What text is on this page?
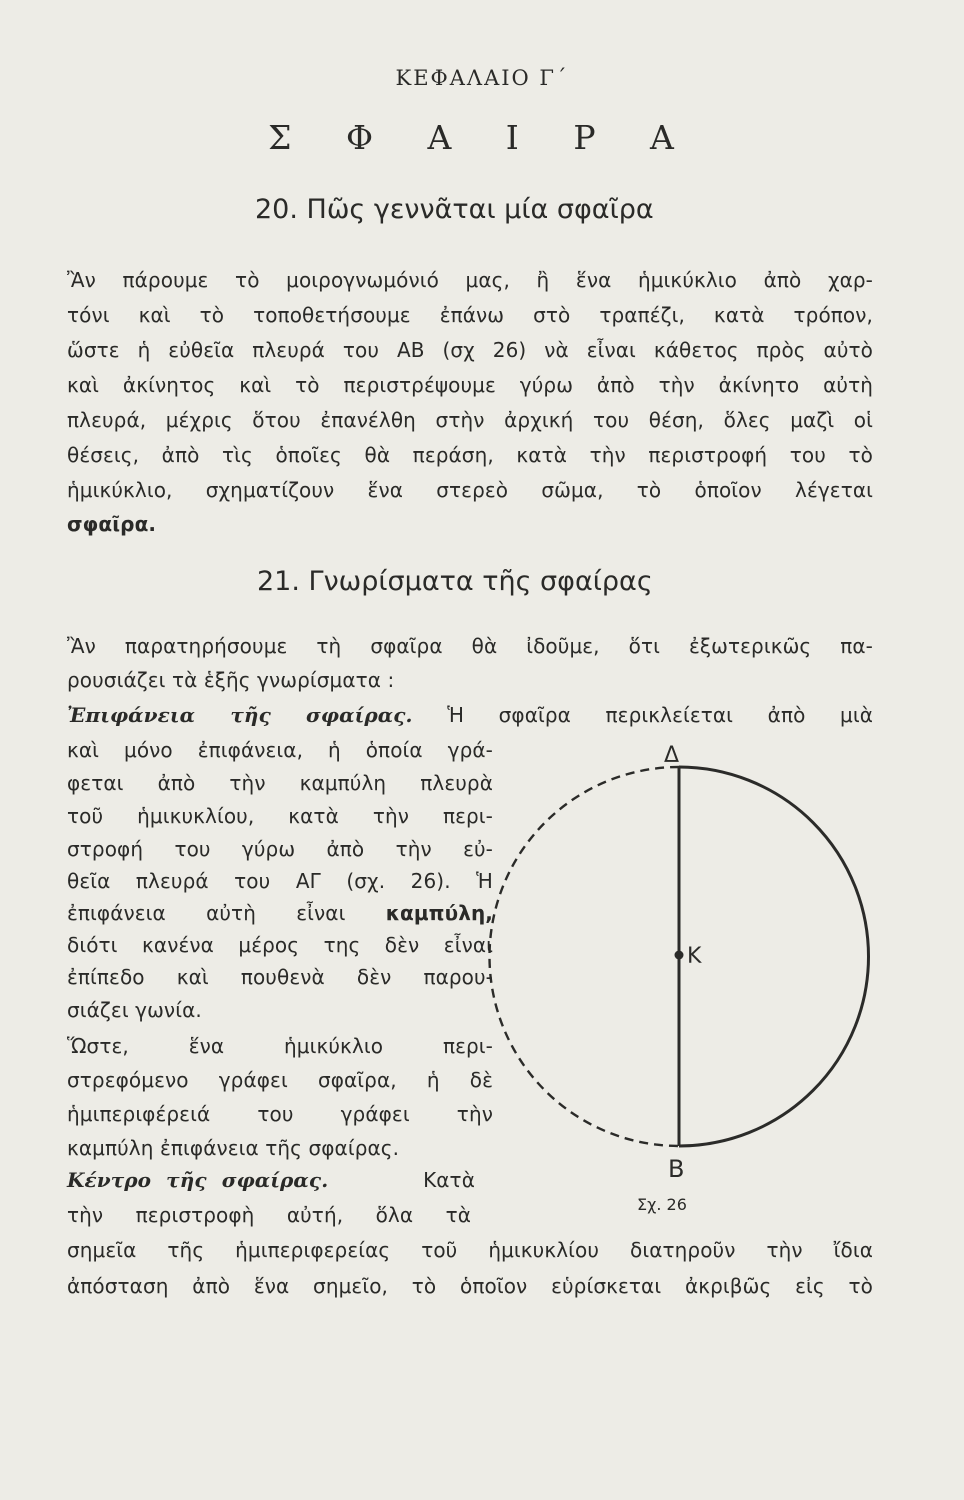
ΚΕΦΑΛΑΙΟ Γ΄
Σ Φ Α Ι Ρ Α
20. Πῶς γεννᾶται μία σφαῖρα
Ἂν πάρουμε τὸ μοιρογνωμόνιό μας, ἢ ἕνα ἡμικύκλιο ἀπὸ χαρ-
τόνι καὶ τὸ τοποθετήσουμε ἐπάνω στὸ τραπέζι, κατὰ τρόπον,
ὥστε ἡ εὐθεῖα πλευρά του ΑΒ (σχ 26) νὰ εἶναι κάθετος πρὸς αὐτὸ
καὶ ἀκίνητος καὶ τὸ περιστρέψουμε γύρω ἀπὸ τὴν ἀκίνητο αὐτὴ
πλευρά, μέχρις ὅτου ἐπανέλθη στὴν ἀρχική του θέση, ὅλες μαζὶ οἱ
θέσεις, ἀπὸ τὶς ὁποῖες θὰ περάση, κατὰ τὴν περιστροφή του τὸ
ἡμικύκλιο, σχηματίζουν ἕνα στερεὸ σῶμα, τὸ ὁποῖον λέγεται
σφαῖρα.
21. Γνωρίσματα τῆς σφαίρας
Ἂν παρατηρήσουμε τὴ σφαῖρα θὰ ἰδοῦμε, ὅτι ἐξωτερικῶς πα-
ρουσιάζει τὰ ἑξῆς γνωρίσματα :
Ἐπιφάνεια τῆς σφαίρας. Ἡ σφαῖρα περικλείεται ἀπὸ μιὰ
καὶ μόνο ἐπιφάνεια, ἡ ὁποία γρά-
φεται ἀπὸ τὴν καμπύλη πλευρὰ
τοῦ ἡμικυκλίου, κατὰ τὴν περι-
στροφή του γύρω ἀπὸ τὴν εὐ-
θεῖα πλευρά του ΑΓ (σχ. 26). Ἡ
ἐπιφάνεια αὐτὴ εἶναι καμπύλη,
διότι κανένα μέρος της δὲν εἶναι
ἐπίπεδο καὶ πουθενὰ δὲν παρου-
σιάζει γωνία.
Ὥστε, ἕνα ἡμικύκλιο περι-
στρεφόμενο γράφει σφαῖρα, ἡ δὲ
ἡμιπεριφέρειά του γράφει τὴν
καμπύλη ἐπιφάνεια τῆς σφαίρας.
Κέντρο τῆς σφαίρας.	Κατὰ
τὴν περιστροφὴ αὐτή, ὅλα τὰ
σημεῖα τῆς ἡμιπεριφερείας τοῦ ἡμικυκλίου διατηροῦν τὴν ἴδια
ἀπόσταση ἀπὸ ἕνα σημεῖο, τὸ ὁποῖον εὑρίσκεται ἀκριβῶς εἰς τὸ
Δ
Κ
Β
Σχ. 26
